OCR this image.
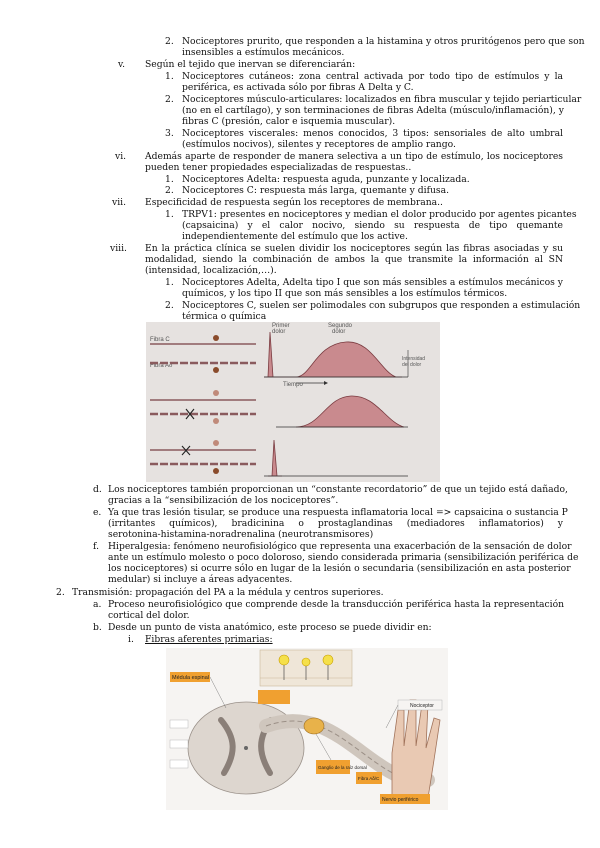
2. Nociceptores prurito, que responden a la histamina y otros pruritógenos pero que son
insensibles a estímulos mecánicos.
v. Según el tejido que inervan se diferenciarán:
1. Nociceptores cutáneos: zona central activada por todo tipo de estímulos y la
periférica, es activada sólo por fibras A Delta y C.
2. Nociceptores músculo-articulares: localizados en fibra muscular y tejido periarticular
(no en el cartílago), y son terminaciones de fibras Adelta (músculo/inflamación), y
fibras C (presión, calor e isquemia muscular).
3. Nociceptores viscerales: menos conocidos, 3 tipos: sensoriales de alto umbral
(estímulos nocivos), silentes y receptores de amplio rango.
vi. Además aparte de responder de manera selectiva a un tipo de estímulo, los nociceptores
pueden tener propiedades especializadas de respuestas..
1. Nociceptores Adelta: respuesta aguda, punzante y localizada.
2. Nociceptores C: respuesta más larga, quemante y difusa.
vii. Especificidad de respuesta según los receptores de membrana..
1. TRPV1: presentes en nociceptores y median el dolor producido por agentes picantes
(capsaicina) y el calor nocivo, siendo su respuesta de tipo quemante
independientemente del estímulo que los active.
viii. En la práctica clínica se suelen dividir los nociceptores según las fibras asociadas y su
modalidad, siendo la combinación de ambos la que transmite la información al SN
(intensidad, localización,…).
1. Nociceptores Adelta, Adelta tipo I que son más sensibles a estímulos mecánicos y
químicos, y los tipo II que son más sensibles a los estímulos térmicos.
2. Nociceptores C, suelen ser polimodales con subgrupos que responden a estimulación
térmica o química
Primer
dolor
Segundo
dolor
Intensidad
del dolor
Tiempo
Fibra C
Fibra Aδ
d. Los nociceptores también proporcionan un “constante recordatorio” de que un tejido está dañado,
gracias a la “sensibilización de los nociceptores”.
e. Ya que tras lesión tisular, se produce una respuesta inflamatoria local => capsaicina o sustancia P
(irritantes químicos), bradicinina o prostaglandinas (mediadores inflamatorios) y
serotonina-histamina-noradrenalina (neurotransmisores)
f. Hiperalgesia: fenómeno neurofisiológico que representa una exacerbación de la sensación de dolor
ante un estímulo molesto o poco doloroso, siendo considerada primaria (sensibilización periférica de
los nociceptores) si ocurre sólo en lugar de la lesión o secundaria (sensibilización en asta posterior
medular) si incluye a áreas adyacentes.
2. Transmisión: propagación del PA a la médula y centros superiores.
a. Proceso neurofisiológico que comprende desde la transducción periférica hasta la representación
cortical del dolor.
b. Desde un punto de vista anatómico, este proceso se puede dividir en:
i. Fibras aferentes primarias:
Médula espinal
Ganglio de la raíz dorsal
Fibra Aδ/C
Nervio periférico
Nociceptor
